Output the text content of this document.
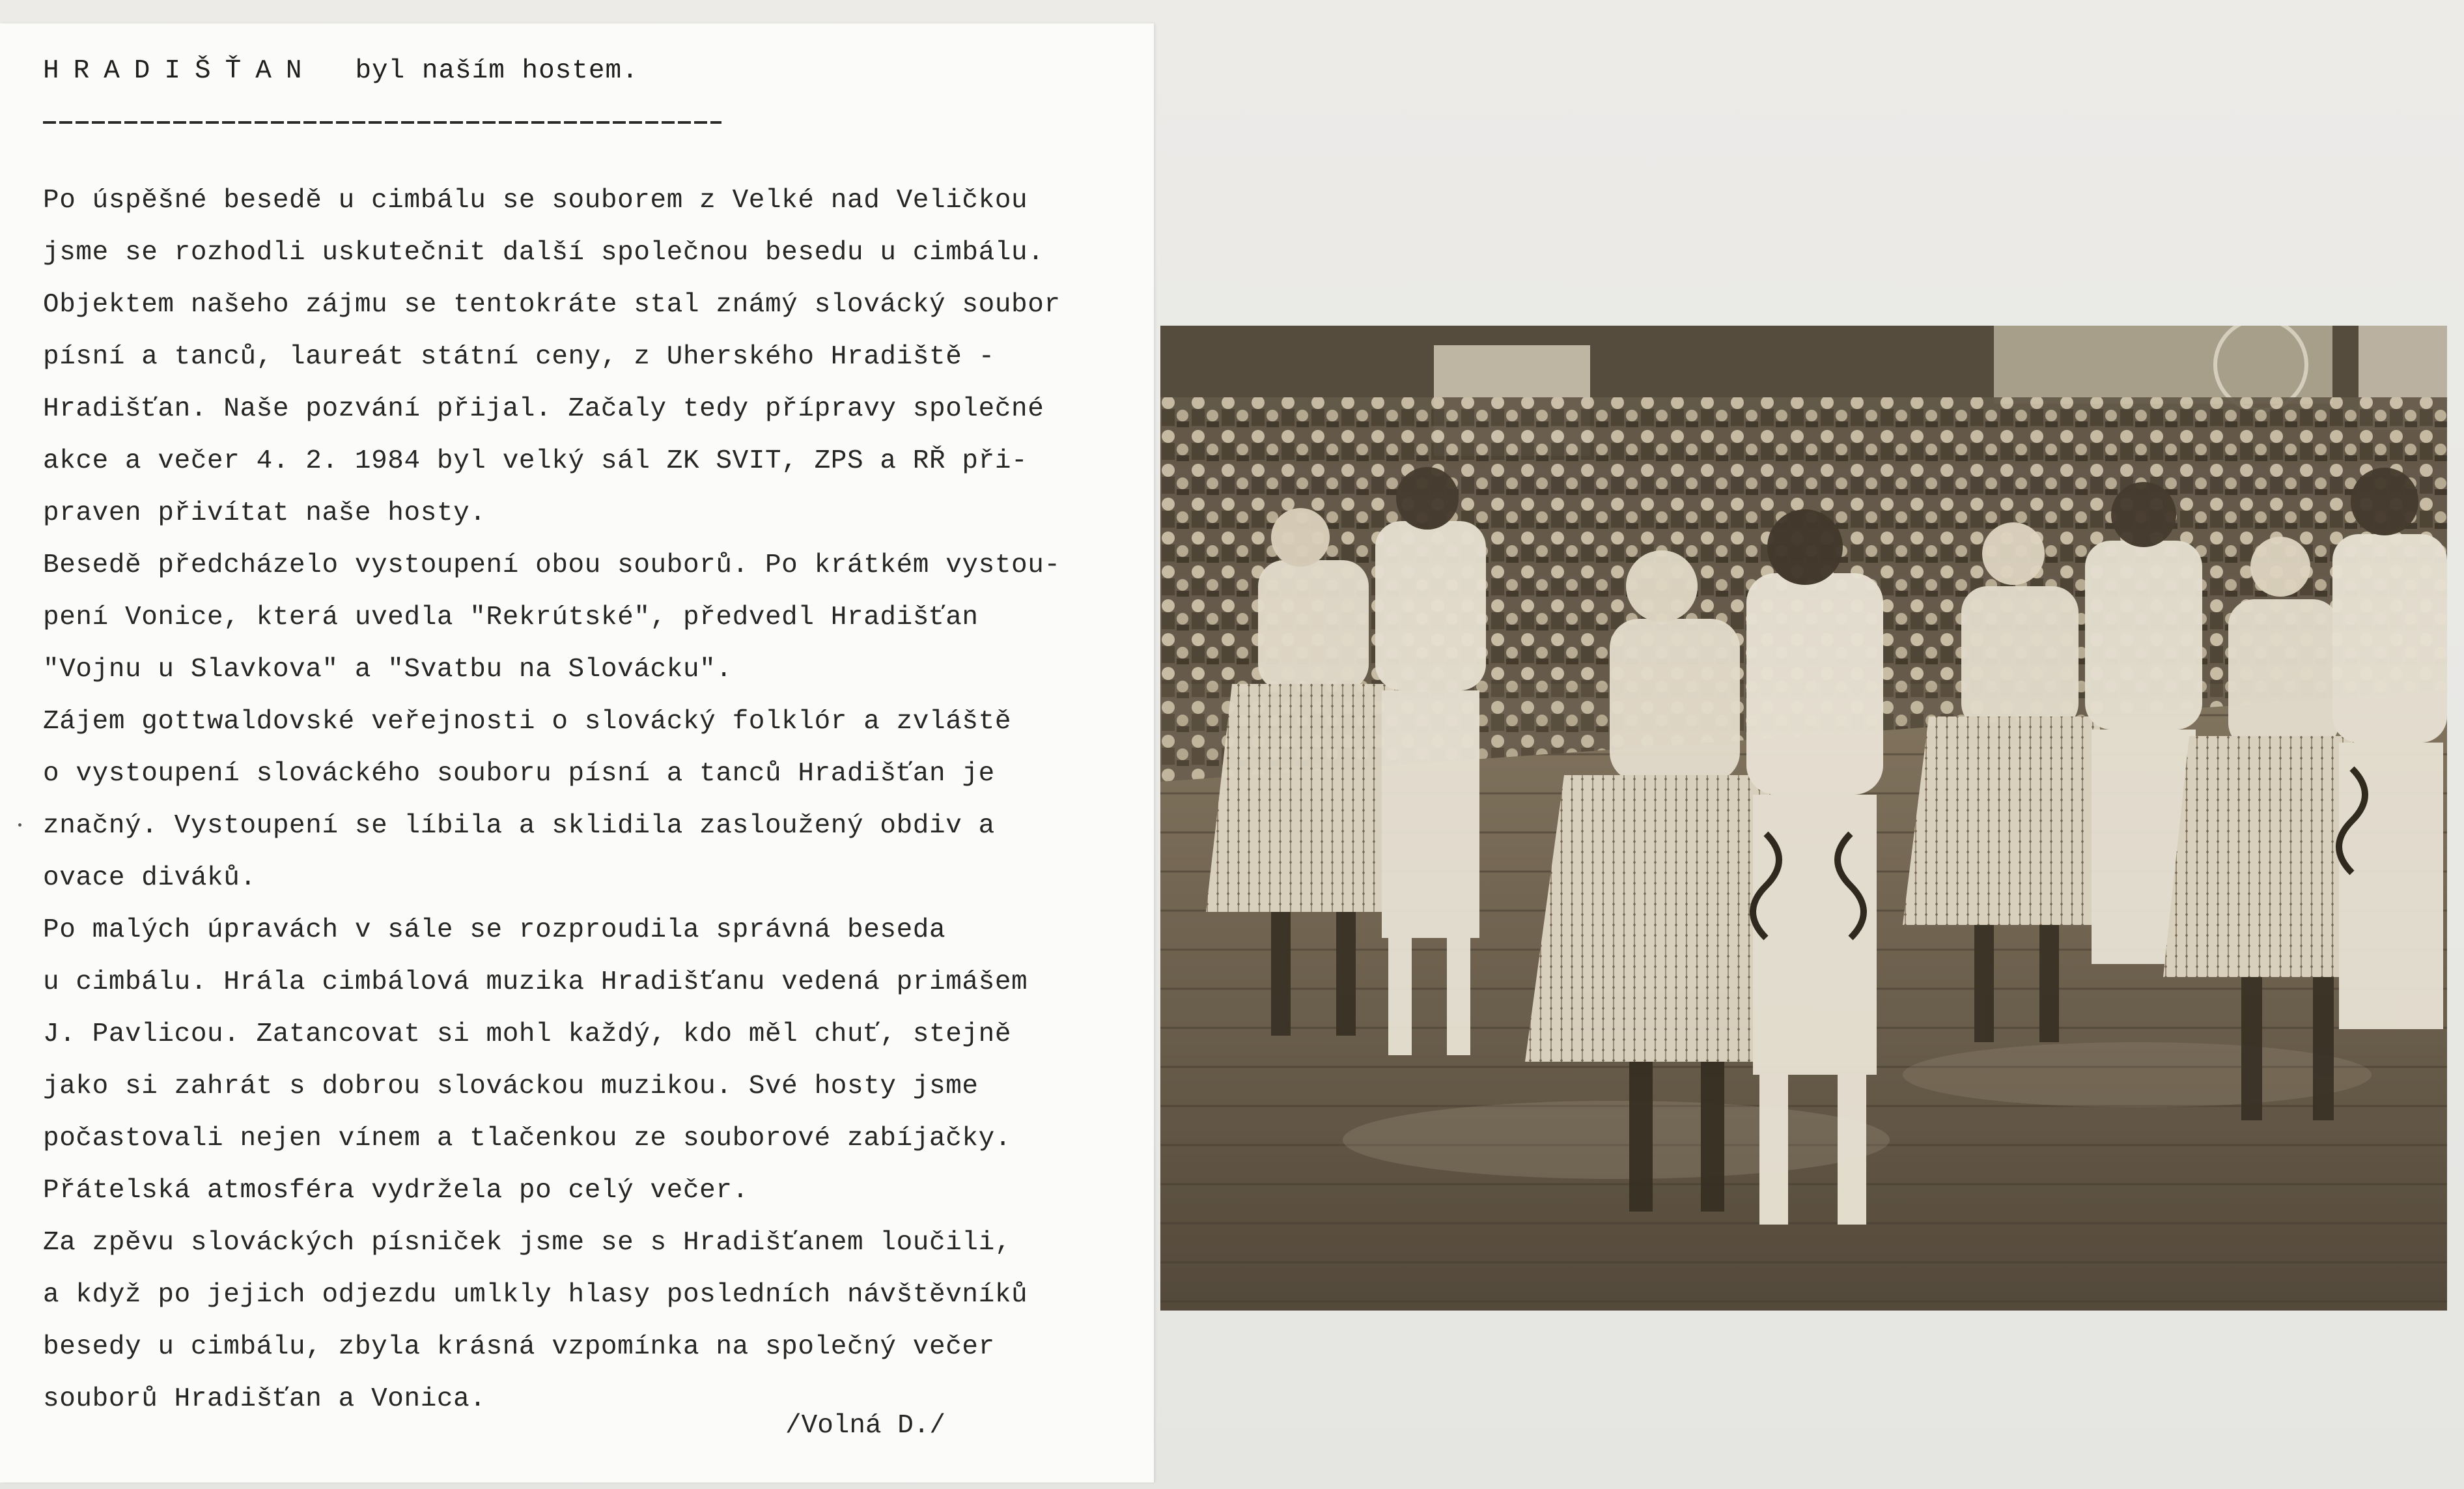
HRADIŠŤAN byl naším hostem.
Po úspěšné besedě u cimbálu se souborem z Velké nad Veličkou
jsme se rozhodli uskutečnit další společnou besedu u cimbálu.
Objektem našeho zájmu se tentokráte stal známý slovácký soubor
písní a tanců, laureát státní ceny, z Uherského Hradiště -
Hradišťan. Naše pozvání přijal. Začaly tedy přípravy společné
akce a večer 4. 2. 1984 byl velký sál ZK SVIT, ZPS a RŘ při-
praven přivítat naše hosty.
Besedě předcházelo vystoupení obou souborů. Po krátkém vystou-
pení Vonice, která uvedla "Rekrútské", předvedl Hradišťan
"Vojnu u Slavkova" a "Svatbu na Slovácku".
Zájem gottwaldovské veřejnosti o slovácký folklór a zvláště
o vystoupení slováckého souboru písní a tanců Hradišťan je
značný. Vystoupení se líbila a sklidila zasloužený obdiv a
ovace diváků.
Po malých úpravách v sále se rozproudila správná beseda
u cimbálu. Hrála cimbálová muzika Hradišťanu vedená primášem
J. Pavlicou. Zatancovat si mohl každý, kdo měl chuť, stejně
jako si zahrát s dobrou slováckou muzikou. Své hosty jsme
počastovali nejen vínem a tlačenkou ze souborové zabíjačky.
Přátelská atmosféra vydržela po celý večer.
Za zpěvu slováckých písniček jsme se s Hradišťanem loučili,
a když po jejich odjezdu umlkly hlasy posledních návštěvníků
besedy u cimbálu, zbyla krásná vzpomínka na společný večer
souborů Hradišťan a Vonica.
/Volná D./
